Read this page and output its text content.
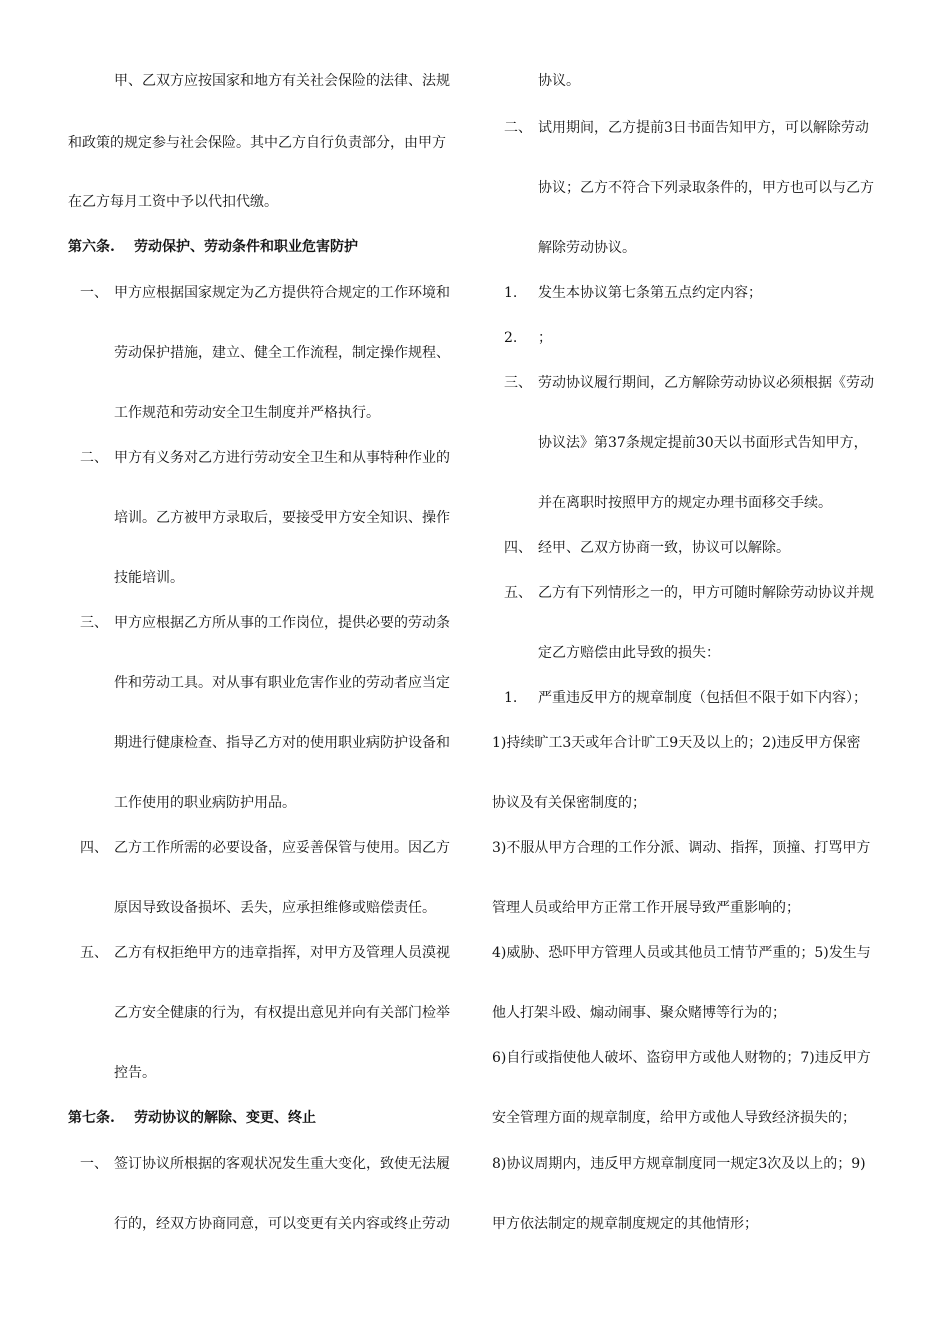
甲、乙双方应按国家和地方有关社会保险的法律、法规
和政策的规定参与社会保险。其中乙方自行负责部分，由甲方
在乙方每月工资中予以代扣代缴。
第六条. 劳动保护、劳动条件和职业危害防护
一、 甲方应根据国家规定为乙方提供符合规定的工作环境和
劳动保护措施，建立、健全工作流程，制定操作规程、
工作规范和劳动安全卫生制度并严格执行。
二、 甲方有义务对乙方进行劳动安全卫生和从事特种作业的
培训。乙方被甲方录取后，要接受甲方安全知识、操作
技能培训。
三、 甲方应根据乙方所从事的工作岗位，提供必要的劳动条
件和劳动工具。对从事有职业危害作业的劳动者应当定
期进行健康检查、指导乙方对的使用职业病防护设备和
工作使用的职业病防护用品。
四、 乙方工作所需的必要设备，应妥善保管与使用。因乙方
原因导致设备损坏、丢失，应承担维修或赔偿责任。
五、 乙方有权拒绝甲方的违章指挥，对甲方及管理人员漠视
乙方安全健康的行为，有权提出意见并向有关部门检举
控告。
第七条. 劳动协议的解除、变更、终止
一、 签订协议所根据的客观状况发生重大变化，致使无法履
行的，经双方协商同意，可以变更有关内容或终止劳动
协议。
二、 试用期间，乙方提前3日书面告知甲方，可以解除劳动
协议；乙方不符合下列录取条件的，甲方也可以与乙方
解除劳动协议。
1. 发生本协议第七条第五点约定内容；
2. ；
三、 劳动协议履行期间，乙方解除劳动协议必须根据《劳动
协议法》第37条规定提前30天以书面形式告知甲方，
并在离职时按照甲方的规定办理书面移交手续。
四、 经甲、乙双方协商一致，协议可以解除。
五、 乙方有下列情形之一的，甲方可随时解除劳动协议并规
定乙方赔偿由此导致的损失：
1. 严重违反甲方的规章制度（包括但不限于如下内容）；
1)持续旷工3天或年合计旷工9天及以上的；2)违反甲方保密
协议及有关保密制度的；
3)不服从甲方合理的工作分派、调动、指挥，顶撞、打骂甲方
管理人员或给甲方正常工作开展导致严重影响的；
4)威胁、恐吓甲方管理人员或其他员工情节严重的；5)发生与
他人打架斗殴、煽动闹事、聚众赌博等行为的；
6)自行或指使他人破坏、盗窃甲方或他人财物的；7)违反甲方
安全管理方面的规章制度，给甲方或他人导致经济损失的；
8)协议周期内，违反甲方规章制度同一规定3次及以上的；9)
甲方依法制定的规章制度规定的其他情形；
